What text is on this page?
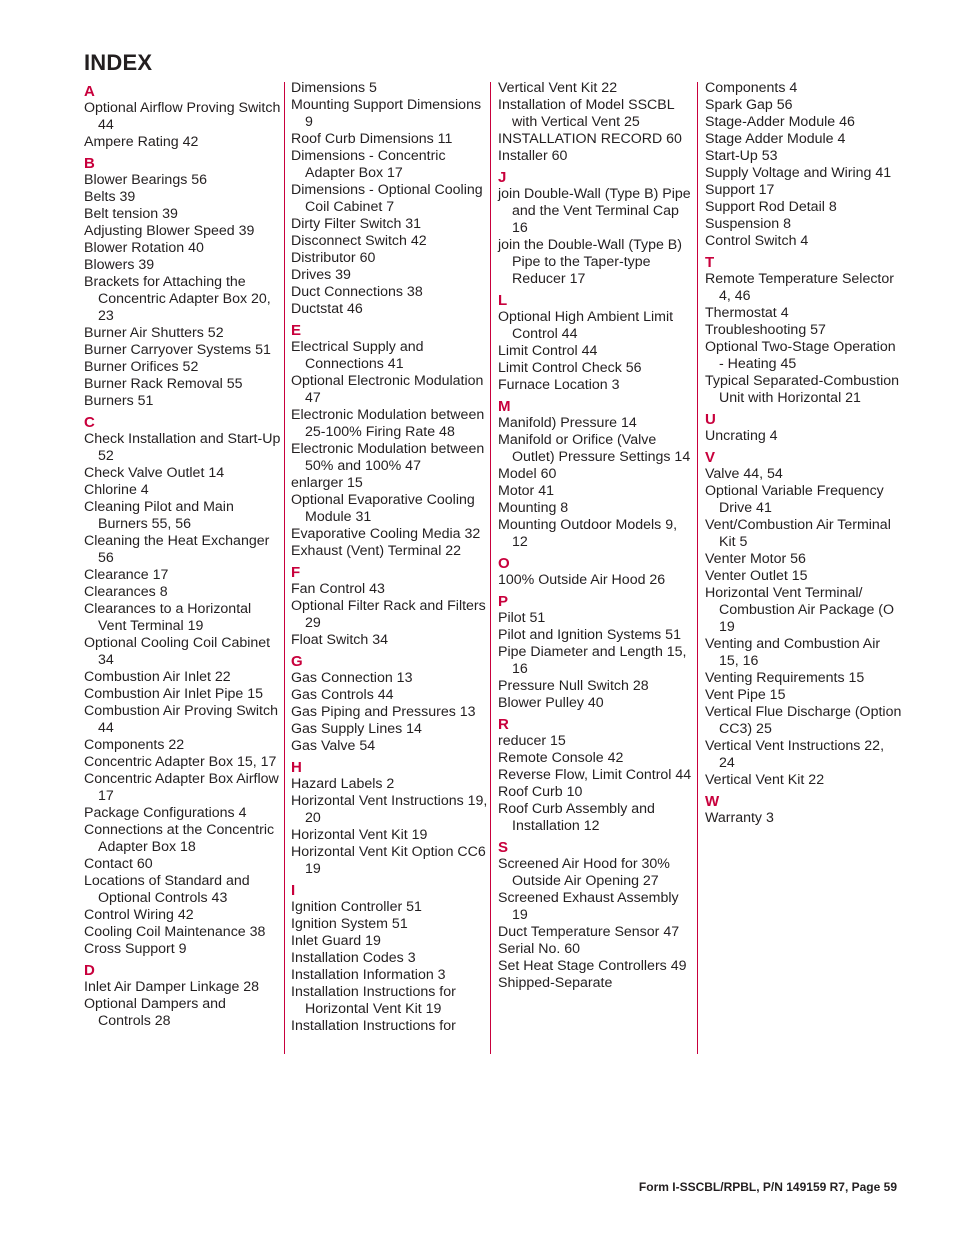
INDEX
A
Optional Airflow Proving Switch 44
Ampere Rating 42
B
Blower Bearings 56
Belts 39
Belt tension 39
Adjusting Blower Speed 39
Blower Rotation 40
Blowers 39
Brackets for Attaching the Concentric Adapter Box 20, 23
Burner Air Shutters 52
Burner Carryover Systems 51
Burner Orifices 52
Burner Rack Removal 55
Burners 51
C
Check Installation and Start-Up 52
Check Valve Outlet 14
Chlorine 4
Cleaning Pilot and Main Burners 55, 56
Cleaning the Heat Exchanger 56
Clearance 17
Clearances 8
Clearances to a Horizontal Vent Terminal 19
Optional Cooling Coil Cabinet 34
Combustion Air Inlet 22
Combustion Air Inlet Pipe 15
Combustion Air Proving Switch 44
Components 22
Concentric Adapter Box 15, 17
Concentric Adapter Box Airflow 17
Package Configurations 4
Connections at the Concentric Adapter Box 18
Contact 60
Locations of Standard and Optional Controls 43
Control Wiring 42
Cooling Coil Maintenance 38
Cross Support 9
D
Inlet Air Damper Linkage 28
Optional Dampers and Controls 28
Dimensions 5
Mounting Support Dimensions 9
Roof Curb Dimensions 11
Dimensions - Concentric Adapter Box 17
Dimensions - Optional Cooling Coil Cabinet 7
Dirty Filter Switch 31
Disconnect Switch 42
Distributor 60
Drives 39
Duct Connections 38
Ductstat 46
E
Electrical Supply and Connections 41
Optional Electronic Modulation 47
Electronic Modulation between 25-100% Firing Rate 48
Electronic Modulation between 50% and 100% 47
enlarger 15
Optional Evaporative Cooling Module 31
Evaporative Cooling Media 32
Exhaust (Vent) Terminal 22
F
Fan Control 43
Optional Filter Rack and Filters 29
Float Switch 34
G
Gas Connection 13
Gas Controls 44
Gas Piping and Pressures 13
Gas Supply Lines 14
Gas Valve 54
H
Hazard Labels 2
Horizontal Vent Instructions 19, 20
Horizontal Vent Kit 19
Horizontal Vent Kit Option CC6 19
I
Ignition Controller 51
Ignition System 51
Inlet Guard 19
Installation Codes 3
Installation Information 3
Installation Instructions for Horizontal Vent Kit 19
Installation Instructions for
Vertical Vent Kit 22
Installation of Model SSCBL with Vertical Vent 25
INSTALLATION RECORD 60
Installer 60
J
join Double-Wall (Type B) Pipe and the Vent Terminal Cap 16
join the Double-Wall (Type B) Pipe to the Taper-type Reducer 17
L
Optional High Ambient Limit Control 44
Limit Control 44
Limit Control Check 56
Furnace Location 3
M
Manifold) Pressure 14
Manifold or Orifice (Valve Outlet) Pressure Settings 14
Model 60
Motor 41
Mounting 8
Mounting Outdoor Models 9, 12
O
100% Outside Air Hood 26
P
Pilot 51
Pilot and Ignition Systems 51
Pipe Diameter and Length 15, 16
Pressure Null Switch 28
Blower Pulley 40
R
reducer 15
Remote Console 42
Reverse Flow, Limit Control 44
Roof Curb 10
Roof Curb Assembly and Installation 12
S
Screened Air Hood for 30% Outside Air Opening 27
Screened Exhaust Assembly 19
Duct Temperature Sensor 47
Serial No. 60
Set Heat Stage Controllers 49
Shipped-Separate
Components 4
Spark Gap 56
Stage-Adder Module 46
Stage Adder Module 4
Start-Up 53
Supply Voltage and Wiring 41
Support 17
Support Rod Detail 8
Suspension 8
Control Switch 4
T
Remote Temperature Selector 4, 46
Thermostat 4
Troubleshooting 57
Optional Two-Stage Operation - Heating 45
Typical Separated-Combustion Unit with Horizontal 21
U
Uncrating 4
V
Valve 44, 54
Optional Variable Frequency Drive 41
Vent/Combustion Air Terminal Kit 5
Venter Motor 56
Venter Outlet 15
Horizontal Vent Terminal/ Combustion Air Package (O 19
Venting and Combustion Air 15, 16
Venting Requirements 15
Vent Pipe 15
Vertical Flue Discharge (Option CC3) 25
Vertical Vent Instructions 22, 24
Vertical Vent Kit 22
W
Warranty 3
Form I-SSCBL/RPBL, P/N 149159 R7, Page 59
